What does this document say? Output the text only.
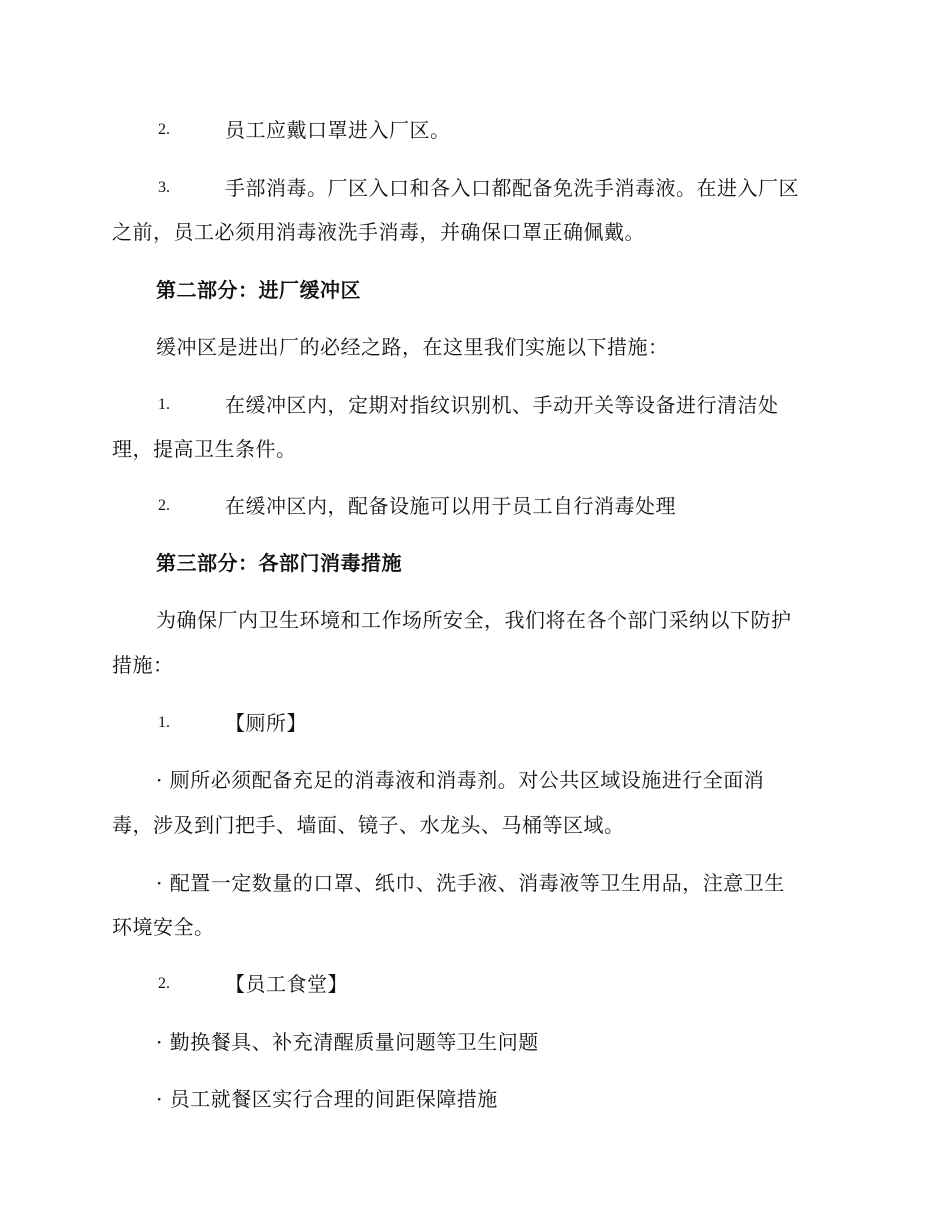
2.	员工应戴口罩进入厂区。
3.	手部消毒。厂区入口和各入口都配备免洗手消毒液。在进入厂区
之前，员工必须用消毒液洗手消毒，并确保口罩正确佩戴。
第二部分：进厂缓冲区
缓冲区是进出厂的必经之路，在这里我们实施以下措施：
1.	在缓冲区内，定期对指纹识别机、手动开关等设备进行清洁处
理，提高卫生条件。
2.	在缓冲区内，配备设施可以用于员工自行消毒处理
第三部分：各部门消毒措施
为确保厂内卫生环境和工作场所安全，我们将在各个部门采纳以下防护
措施：
1.	【厕所】
· 厕所必须配备充足的消毒液和消毒剂。对公共区域设施进行全面消
毒，涉及到门把手、墙面、镜子、水龙头、马桶等区域。
· 配置一定数量的口罩、纸巾、洗手液、消毒液等卫生用品，注意卫生
环境安全。
2.	【员工食堂】
· 勤换餐具、补充清醒质量问题等卫生问题
· 员工就餐区实行合理的间距保障措施
